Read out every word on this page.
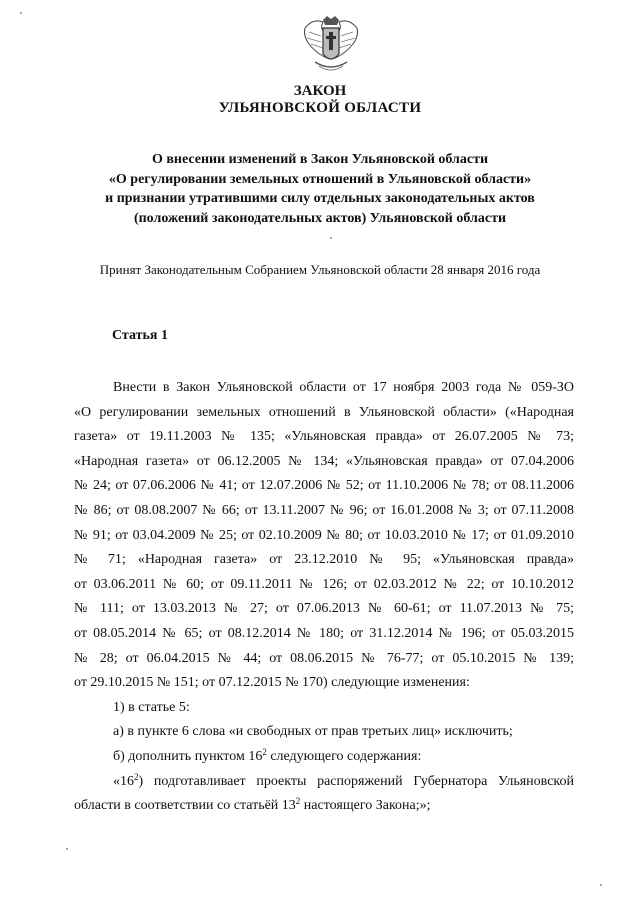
ЗАКОН
УЛЬЯНОВСКОЙ ОБЛАСТИ
О внесении изменений в Закон Ульяновской области
«О регулировании земельных отношений в Ульяновской области»
и признании утратившими силу отдельных законодательных актов
(положений законодательных актов) Ульяновской области
Принят Законодательным Собранием Ульяновской области 28 января 2016 года
Статья 1
Внести в Закон Ульяновской области от 17 ноября 2003 года № 059-ЗО
«О регулировании земельных отношений в Ульяновской области» («Народная
газета» от 19.11.2003 № 135; «Ульяновская правда» от 26.07.2005 № 73;
«Народная газета» от 06.12.2005 № 134; «Ульяновская правда» от 07.04.2006
№ 24; от 07.06.2006 № 41; от 12.07.2006 № 52; от 11.10.2006 № 78; от 08.11.2006
№ 86; от 08.08.2007 № 66; от 13.11.2007 № 96; от 16.01.2008 № 3; от 07.11.2008
№ 91; от 03.04.2009 № 25; от 02.10.2009 № 80; от 10.03.2010 № 17; от 01.09.2010
№ 71; «Народная газета» от 23.12.2010 № 95; «Ульяновская правда»
от 03.06.2011 № 60; от 09.11.2011 № 126; от 02.03.2012 № 22; от 10.10.2012
№ 111; от 13.03.2013 № 27; от 07.06.2013 № 60-61; от 11.07.2013 № 75;
от 08.05.2014 № 65; от 08.12.2014 № 180; от 31.12.2014 № 196; от 05.03.2015
№ 28; от 06.04.2015 № 44; от 08.06.2015 № 76-77; от 05.10.2015 № 139;
от 29.10.2015 № 151; от 07.12.2015 № 170) следующие изменения:
1) в статье 5:
а) в пункте 6 слова «и свободных от прав третьих лиц» исключить;
б) дополнить пунктом $16^2$ следующего содержания:
«$16^2$) подготавливает проекты распоряжений Губернатора Ульяновской
области в соответствии со статьёй $13^2$ настоящего Закона;»;
